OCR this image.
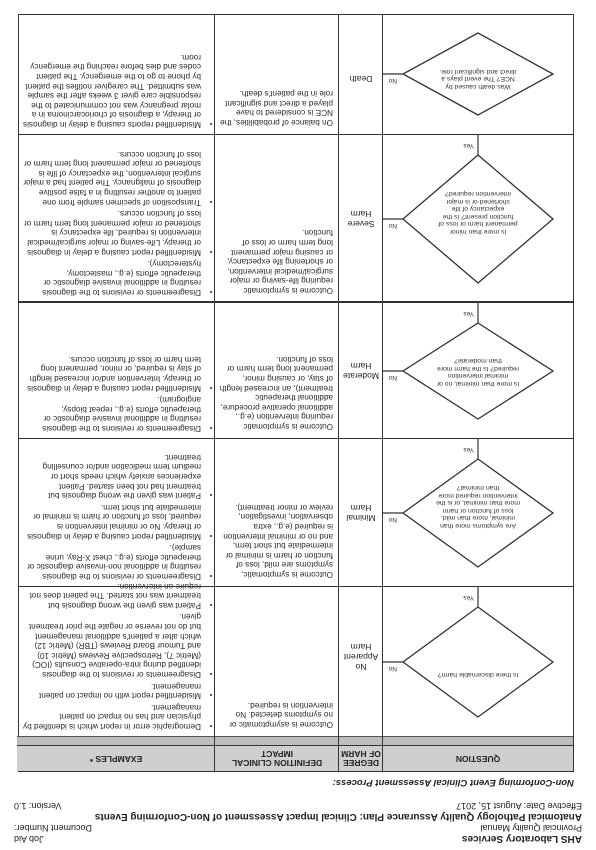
AHS Laboratory Services
Job Aid
Provincial Quality Manual
Document Number:
Anatomical Pathology Quality Assurance Plan: Clinical Impact Assessment of Non-Conforming Events
Effective Date: August 15, 2017
Version: 1.0
Non-Conforming Event Clinical Assessment Process:
QUESTION
DEGREE OF HARM
DEFINITION CLINICAL IMPACT
EXAMPLES *
Is there discernable harm?
Yes
No
No Apparent Harm
Outcome is asymptomatic or no symptoms detected. No intervention is required.
• Demographic error in report which is identified by physician and has no impact on patient management.
• Misidentified report with no impact on patient management.
• Disagreements or revisions to the diagnosis identified during intra-operative Consults (IOC) (Metric 7), Retrospective Reviews (Metric 10) and Tumour Board Reviews (TBR) (Metric 12) which alter a patient's additional management but do not reverse or negate the prior treatment given.
• Patient was given the wrong diagnosis but treatment was not started. The patient does not require an intervention.
Are symptoms more than minimal, more than mild, loss of function or harm more than minimal, or is the intervention required more than minimal?
Yes
No
Minimal Harm
Outcome is symptomatic, symptoms are mild, loss of function or harm is minimal or intermediate but short term, and no or minimal intervention is required (e.g., extra observation, investigation, review or minor treatment).
• Disagreements or revisions to the diagnosis resulting in additional non-invasive diagnostic or therapeutic efforts (e.g., chest X-Ray, urine sample).
• Misidentified report causing a delay in diagnosis or therapy. No or minimal intervention is required, loss of function or harm is minimal or intermediate but short term.
• Patient was given the wrong diagnosis but treatment had not been started. Patient experiences anxiety which needs short or medium term medication and/or counselling treatment.
Is more than minimal, no or minimal intervention required? Is the harm more than moderate?
Yes
No
Moderate Harm
Outcome is symptomatic requiring intervention (e.g., additional operative procedure, additional therapeutic treatment), an increased length of stay, or causing minor, permanent long term harm or loss of function.
• Disagreements or revisions to the diagnosis resulting in additional invasive diagnostic or therapeutic efforts (e.g., repeat biopsy, angiogram).
• Misidentified report causing a delay in diagnosis or therapy. Intervention and/or increased length of stay is required, or minor, permanent long term harm or loss of function occurs.
Is more than minor permanent harm or loss of function present? Is the expectancy of life shortened or is major intervention required?
Yes
No
Severe Harm
Outcome is symptomatic requiring life-saving or major surgical/medical intervention, or shortening life expectancy, or causing major permanent long term harm or loss of function.
• Disagreements or revisions to the diagnosis resulting in additional invasive diagnostic or therapeutic efforts (e.g., mastectomy, hysterectomy).
• Misidentified report causing a delay in diagnosis or therapy. Life-saving or major surgical/medical intervention is required, life expectancy is shortened or major permanent long term harm or loss of function occurs.
• Transposition of specimen sample from one patient to another resulting in a false positive diagnosis of malignancy. The patient had a major surgical intervention, the expectancy of life is shortened or major permanent long term harm or loss of function occurs.
Was death caused by NCE? The event plays a direct and significant role.
No
Death
On balance of probabilities, the NCE is considered to have played a direct and significant role in the patient's death.
• Misidentified reports causing a delay in diagnosis or therapy, a diagnosis of choriocarcinoma in a molar pregnancy was not communicated to the responsible care giver 3 weeks after the sample was submitted. The caregiver notifies the patient by phone to go to the emergency. The patient codes and dies before reaching the emergency room.
